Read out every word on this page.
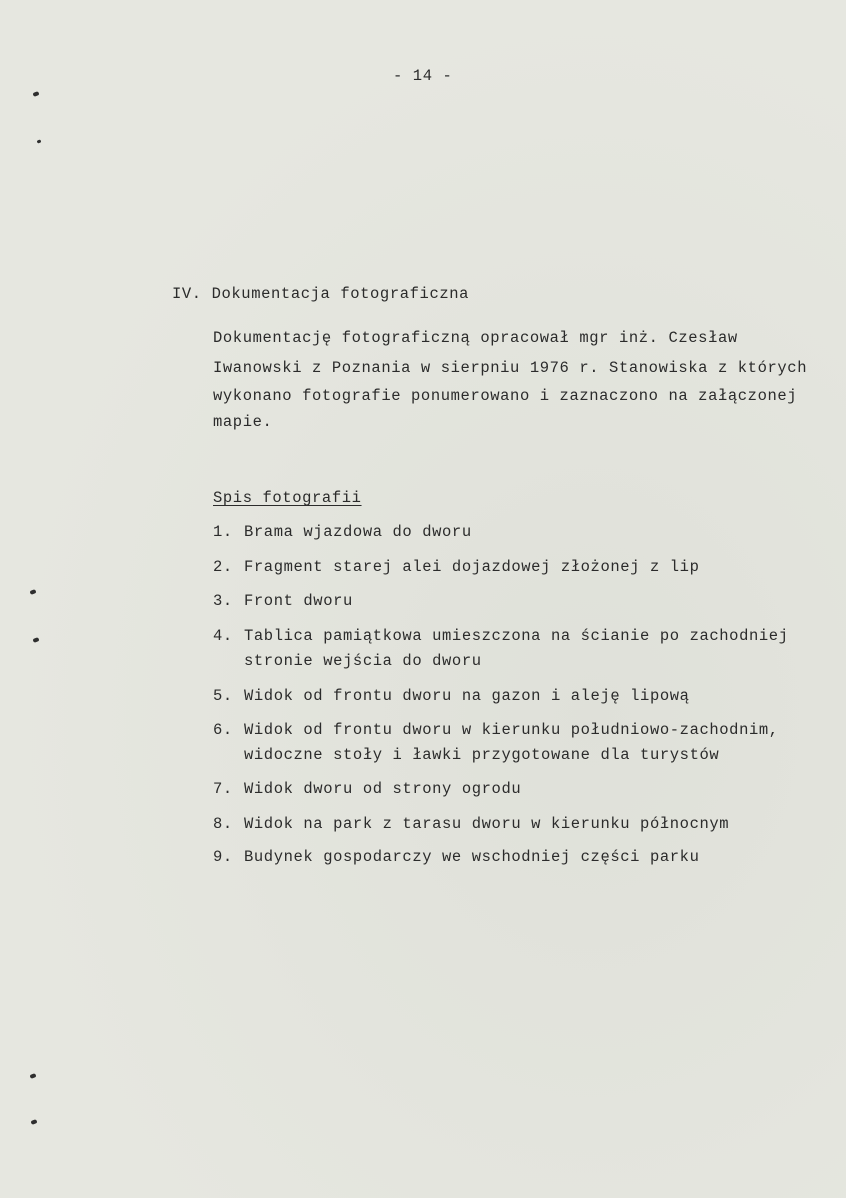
- 14 -
IV. Dokumentacja fotograficzna
Dokumentację fotograficzną opracował mgr inż. Czesław
Iwanowski z Poznania w sierpniu 1976 r. Stanowiska z których
wykonano fotografie ponumerowano i zaznaczono na załączonej
mapie.
Spis fotografii
1. Brama wjazdowa do dworu
2. Fragment starej alei dojazdowej złożonej z lip
3. Front dworu
4. Tablica pamiątkowa umieszczona na ścianie po zachodniej
stronie wejścia do dworu
5. Widok od frontu dworu na gazon i aleję lipową
6. Widok od frontu dworu w kierunku południowo-zachodnim,
widoczne stoły i ławki przygotowane dla turystów
7. Widok dworu od strony ogrodu
8. Widok na park z tarasu dworu w kierunku północnym
9. Budynek gospodarczy we wschodniej części parku
